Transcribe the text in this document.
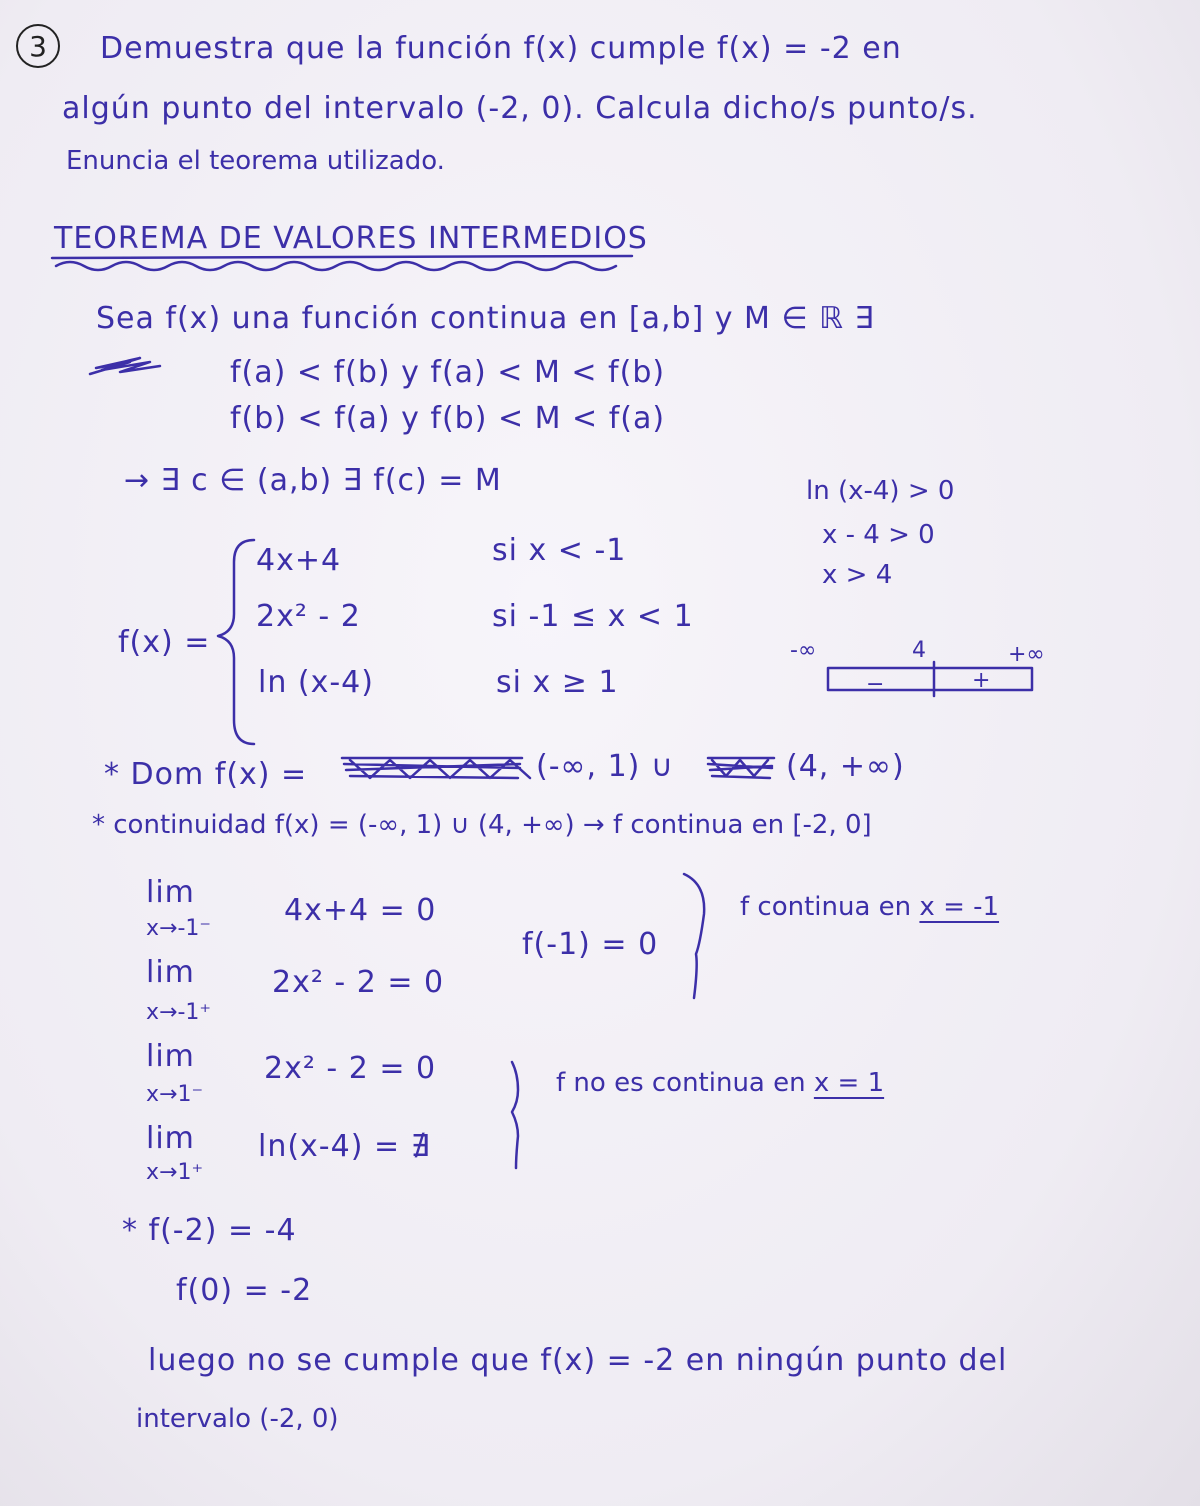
3	Demuestra que la función f(x) cumple f(x) = -2 en
algún punto del intervalo (-2, 0). Calcula dicho/s punto/s.
Enuncia el teorema utilizado.
TEOREMA DE VALORES INTERMEDIOS
Sea f(x) una función continua en [a,b] y M ∈ ℝ ∃
f(a) < f(b) y f(a) < M < f(b)
f(b) < f(a) y f(b) < M < f(a)
→ ∃ c ∈ (a,b) ∃ f(c) = M	ln (x-4) > 0
x - 4 > 0
x > 4
-∞	4	+∞
−	+
f(x) =
4x+4	si x < -1
2x² - 2	si -1 ≤ x < 1
ln (x-4)	si x ≥ 1
* Dom f(x) =	(-∞, 1) ∪	(4, +∞)
* continuidad f(x) = (-∞, 1) ∪ (4, +∞) → f continua en [-2, 0]
lim
x→-1⁻
4x+4 = 0
lim
x→-1⁺
2x² - 2 = 0
f(-1) = 0
f continua en x = -1
lim
x→1⁻
2x² - 2 = 0
lim
x→1⁺
ln(x-4) = ∄
f no es continua en x = 1
* f(-2) = -4
f(0) = -2
luego no se cumple que f(x) = -2 en ningún punto del
intervalo (-2, 0)
